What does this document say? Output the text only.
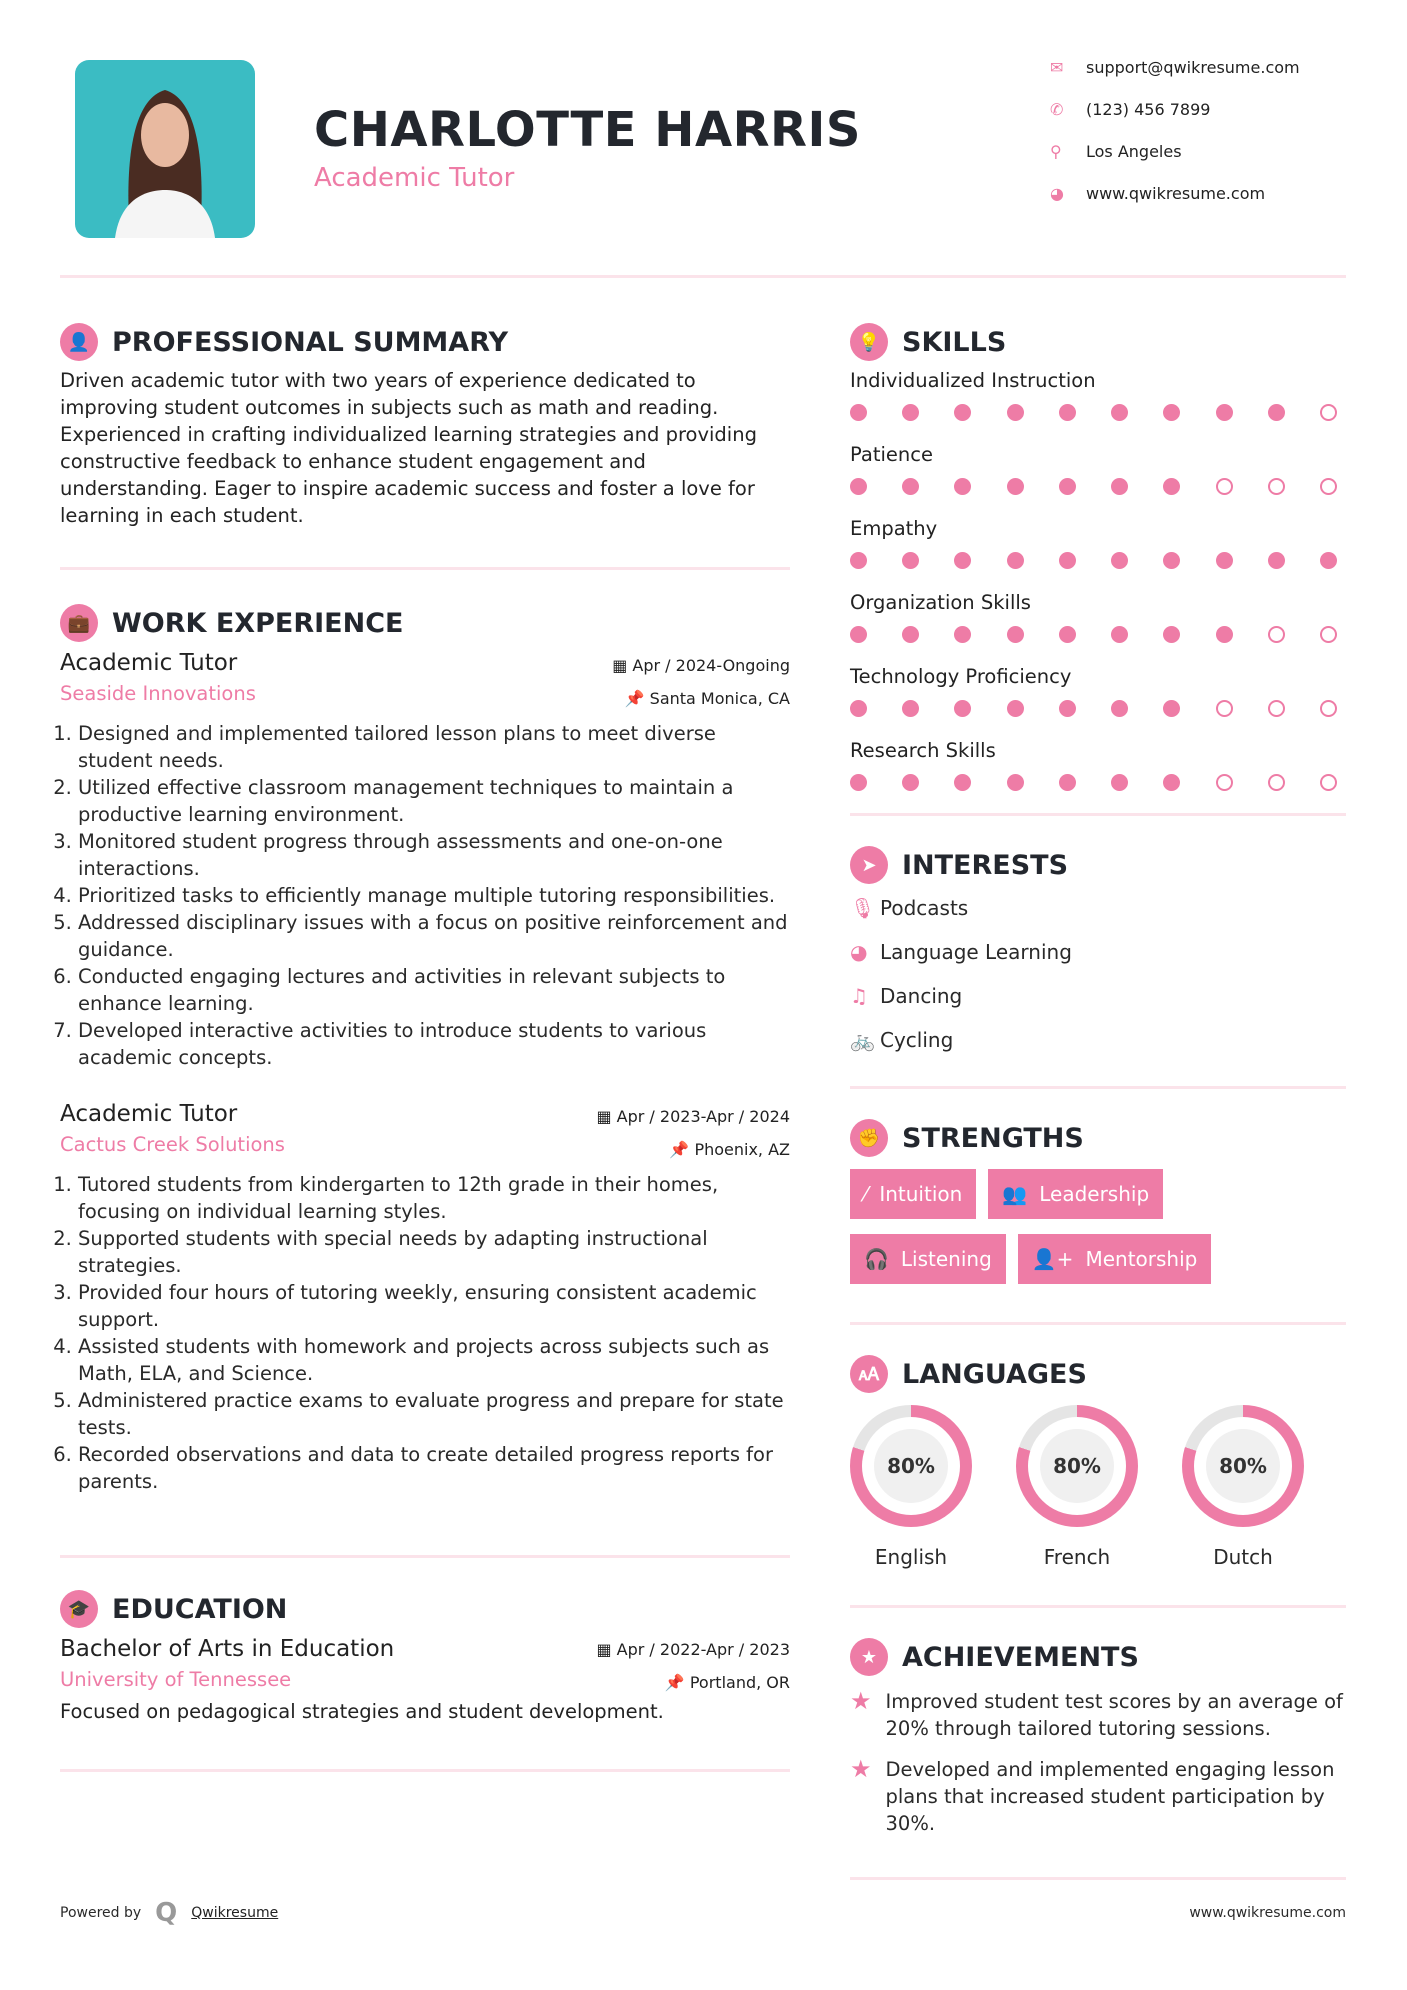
CHARLOTTE HARRIS
Academic Tutor
✉	support@qwikresume.com
✆	(123) 456 7899
⚲	Los Angeles
◕	www.qwikresume.com
👤 PROFESSIONAL SUMMARY

Driven academic tutor with two years of experience dedicated to improving student outcomes in subjects such as math and reading. Experienced in crafting individualized learning strategies and providing constructive feedback to enhance student engagement and understanding. Eager to inspire academic success and foster a love for learning in each student.

💼 WORK EXPERIENCE
Academic Tutor
Seaside Innovations
▦ Apr / 2024-Ongoing
📌 Santa Monica, CA
1. Designed and implemented tailored lesson plans to meet diverse student needs.
2. Utilized effective classroom management techniques to maintain a productive learning environment.
3. Monitored student progress through assessments and one-on-one interactions.
4. Prioritized tasks to efficiently manage multiple tutoring responsibilities.
5. Addressed disciplinary issues with a focus on positive reinforcement and guidance.
6. Conducted engaging lectures and activities in relevant subjects to enhance learning.
7. Developed interactive activities to introduce students to various academic concepts.
Academic Tutor
Cactus Creek Solutions
▦ Apr / 2023-Apr / 2024
📌 Phoenix, AZ
1. Tutored students from kindergarten to 12th grade in their homes, focusing on individual learning styles.
2. Supported students with special needs by adapting instructional strategies.
3. Provided four hours of tutoring weekly, ensuring consistent academic support.
4. Assisted students with homework and projects across subjects such as Math, ELA, and Science.
5. Administered practice exams to evaluate progress and prepare for state tests.
6. Recorded observations and data to create detailed progress reports for parents.
🎓 EDUCATION
Bachelor of Arts in Education
University of Tennessee
▦ Apr / 2022-Apr / 2023
📌 Portland, OR

Focused on pedagogical strategies and student development.

💡 SKILLS
Individualized Instruction
Patience
Empathy
Organization Skills
Technology Proficiency
Research Skills
➤ INTERESTS
🎙 Podcasts
◕ Language Learning
♫ Dancing
🚲 Cycling
✊ STRENGTHS
⁄ Intuition 👥 Leadership
🎧 Listening 👤+ Mentorship
🗚 LANGUAGES
80%
English
80%
French
80%
Dutch
★ ACHIEVEMENTS
★ Improved student test scores by an average of 20% through tailored tutoring sessions.
★ Developed and implemented engaging lesson plans that increased student participation by 30%.
Powered by Q Qwikresume	www.qwikresume.com
